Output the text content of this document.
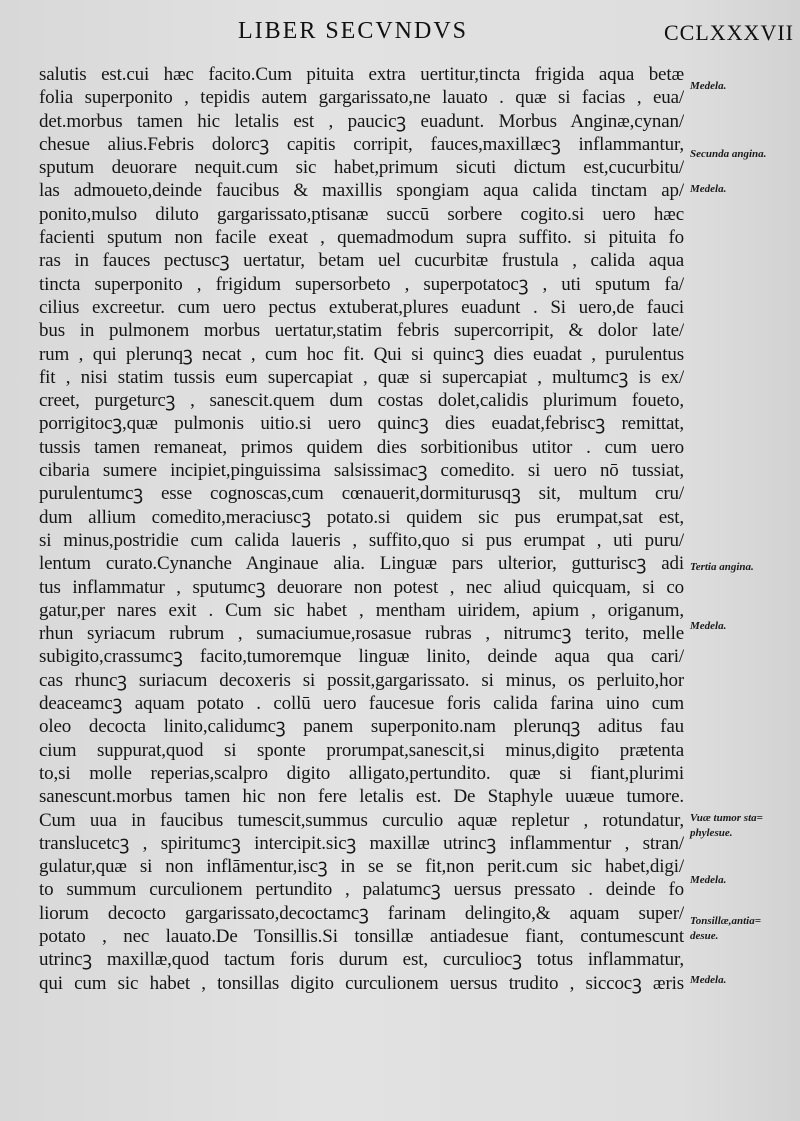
LIBER SECVNDVS	CCLXXXVII
salutis est.cui hæc facito.Cum pituita extra uertitur,tincta frigida aqua betæ
folia superponito , tepidis autem gargarissato,ne lauato . quæ si facias , eua/
det.morbus tamen hic letalis est , paucicꝫ euadunt. Morbus Anginæ,cynan/
chesue alius.Febris dolorcꝫ capitis corripit, fauces,maxillæcꝫ inflammantur,
sputum deuorare nequit.cum sic habet,primum sicuti dictum est,cucurbitu/
las admoueto,deinde faucibus & maxillis spongiam aqua calida tinctam ap/
ponito,mulso diluto gargarissato,ptisanæ succū sorbere cogito.si uero hæc
facienti sputum non facile exeat , quemadmodum supra suffito. si pituita fo
ras in fauces pectuscꝫ uertatur, betam uel cucurbitæ frustula , calida aqua
tincta superponito , frigidum supersorbeto , superpotatocꝫ , uti sputum fa/
cilius excreetur. cum uero pectus extuberat,plures euadunt . Si uero,de fauci
bus in pulmonem morbus uertatur,statim febris supercorripit, & dolor late/
rum , qui plerunqꝫ necat , cum hoc fit. Qui si quincꝫ dies euadat , purulentus
fit , nisi statim tussis eum supercapiat , quæ si supercapiat , multumcꝫ is ex/
creet, purgeturcꝫ , sanescit.quem dum costas dolet,calidis plurimum foueto,
porrigitocꝫ,quæ pulmonis uitio.si uero quincꝫ dies euadat,febriscꝫ remittat,
tussis tamen remaneat, primos quidem dies sorbitionibus utitor . cum uero
cibaria sumere incipiet,pinguissima salsissimacꝫ comedito. si uero nō tussiat,
purulentumcꝫ esse cognoscas,cum cœnauerit,dormiturusqꝫ sit, multum cru/
dum allium comedito,meraciuscꝫ potato.si quidem sic pus erumpat,sat est,
si minus,postridie cum calida laueris , suffito,quo si pus erumpat , uti puru/
lentum curato.Cynanche Anginaue alia. Linguæ pars ulterior, gutturiscꝫ adi
tus inflammatur , sputumcꝫ deuorare non potest , nec aliud quicquam, si co
gatur,per nares exit . Cum sic habet , mentham uiridem, apium , origanum,
rhun syriacum rubrum , sumaciumue,rosasue rubras , nitrumcꝫ terito, melle
subigito,crassumcꝫ facito,tumoremque linguæ linito, deinde aqua qua cari/
cas rhuncꝫ suriacum decoxeris si possit,gargarissato. si minus, os perluito,hor
deaceamcꝫ aquam potato . collū uero faucesue foris calida farina uino cum
oleo decocta linito,calidumcꝫ panem superponito.nam plerunqꝫ aditus fau
cium suppurat,quod si sponte prorumpat,sanescit,si minus,digito prætenta
to,si molle reperias,scalpro digito alligato,pertundito. quæ si fiant,plurimi
sanescunt.morbus tamen hic non fere letalis est. De Staphyle uuæue tumore.
Cum uua in faucibus tumescit,summus curculio aquæ repletur , rotundatur,
translucetcꝫ , spiritumcꝫ intercipit.sicꝫ maxillæ utrincꝫ inflammentur , stran/
gulatur,quæ si non inflāmentur,iscꝫ in se se fit,non perit.cum sic habet,digi/
to summum curculionem pertundito , palatumcꝫ uersus pressato . deinde fo
liorum decocto gargarissato,decoctamcꝫ farinam delingito,& aquam super/
potato , nec lauato.De Tonsillis.Si tonsillæ antiadesue fiant, contumescunt
utrincꝫ maxillæ,quod tactum foris durum est, curculiocꝫ totus inflammatur,
qui cum sic habet , tonsillas digito curculionem uersus trudito , siccocꝫ æris
Medela.
Secunda angina.
Medela.
Tertia angina.
Medela.
Vuæ tumor sta=
phylesue.
Medela.
Tonsillæ,antia=
desue.
Medela.
